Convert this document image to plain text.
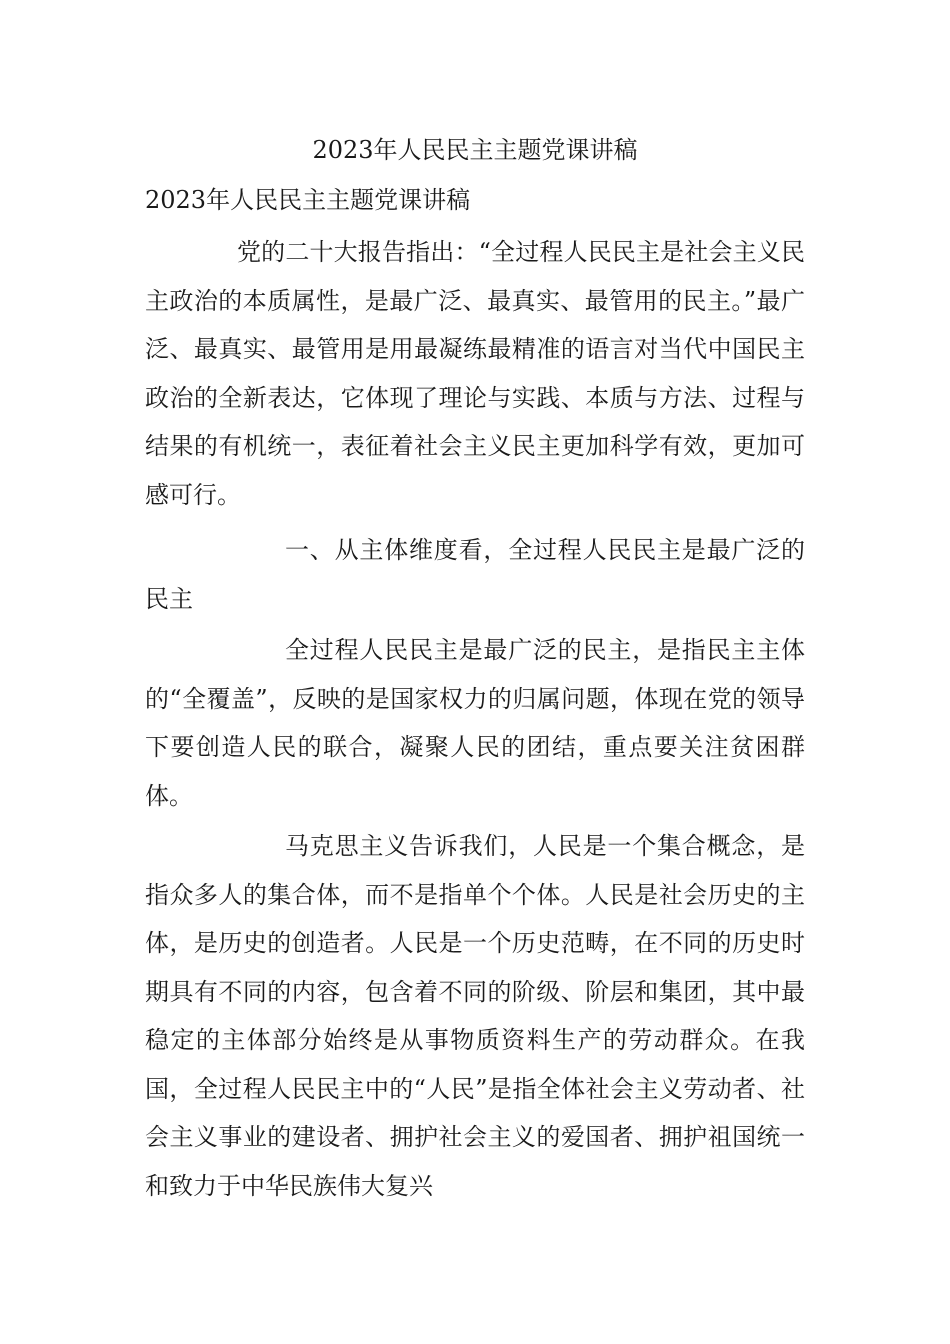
2023年人民民主主题党课讲稿
2023年人民民主主题党课讲稿

党的二十大报告指出：“全过程人民民主是社会主义民主政治的本质属性，是最广泛、最真实、最管用的民主。”最广泛、最真实、最管用是用最凝练最精准的语言对当代中国民主政治的全新表达，它体现了理论与实践、本质与方法、过程与结果的有机统一，表征着社会主义民主更加科学有效，更加可感可行。

一、从主体维度看，全过程人民民主是最广泛的民主

全过程人民民主是最广泛的民主，是指民主主体的“全覆盖”，反映的是国家权力的归属问题，体现在党的领导下要创造人民的联合，凝聚人民的团结，重点要关注贫困群体。

马克思主义告诉我们，人民是一个集合概念，是指众多人的集合体，而不是指单个个体。人民是社会历史的主体，是历史的创造者。人民是一个历史范畴，在不同的历史时期具有不同的内容，包含着不同的阶级、阶层和集团，其中最稳定的主体部分始终是从事物质资料生产的劳动群众。在我国，全过程人民民主中的“人民”是指全体社会主义劳动者、社会主义事业的建设者、拥护社会主义的爱国者、拥护祖国统一和致力于中华民族伟大复兴
